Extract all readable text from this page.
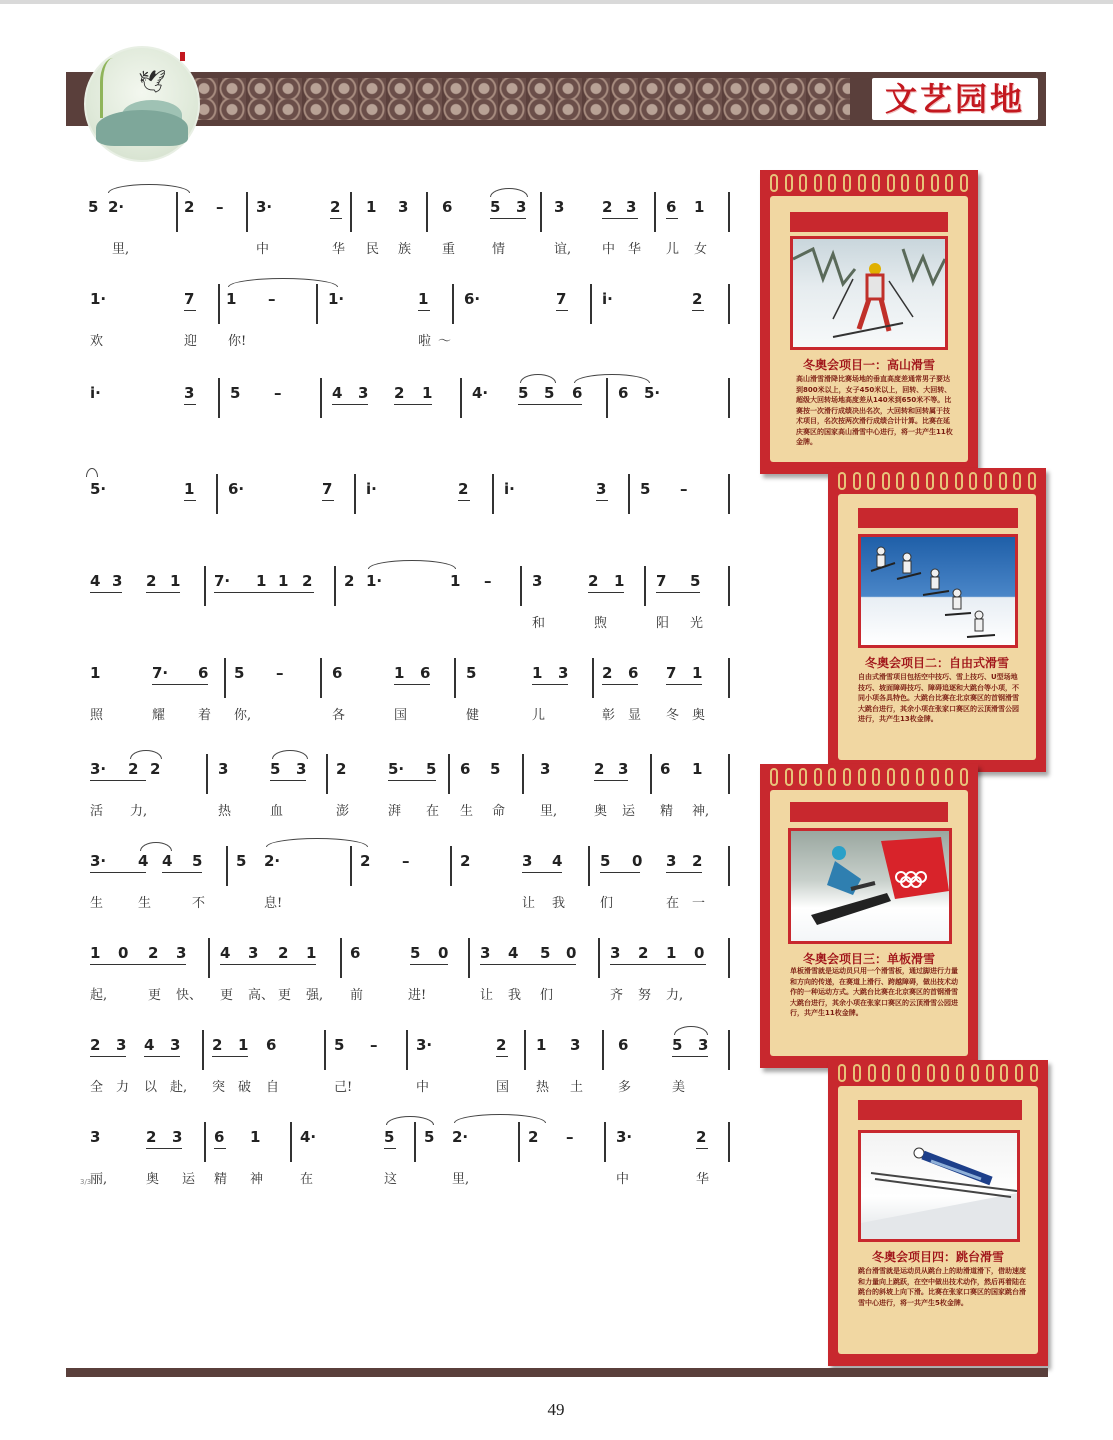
文艺园地
🕊
5 2·	2 – 3·	2 1 3 6	5 3 3	2 3 6 1
里,	中	华 民 族 重	情	谊, 中 华 儿 女
1·	7 1 –	1·	1 6·	7 i·	2
欢	迎 你!	啦 ～
i·	3 5 –	4 3 2 1	4· 5 5 6 6 5·
5·	1 6·	7 i·	2 i·	3 5 –
4 3 2 1 7· 1 1 2 2 1·	1 –	3	2 1 7 5
和	煦	阳 光
1	7· 6 5 –	6	1 6 5	1 3 2 6 7 1
照	耀	着 你,	各	国	健	儿	彰 显 冬 奥
3· 2 2	3	5 3 2	5· 5 6 5	3	2 3 6 1
活 力,	热	血	澎	湃 在 生 命	里,	奥 运 精 神,
3· 4 4 5 5 2·	2 –	2	3 4	5 0 3 2
生	生	不	息!	让 我	们	在 一
1 0 2 3 4 3 2 1 6	5 0 3 4 5 0 3 2 1 0
起,	更 快、 更 高、 更 强, 前	进!	让 我 们	齐 努 力,
2 3 4 3 2 1 6	5 –	3·	2 1 3	6	5 3
全 力 以 赴, 突 破 自	己!	中	国 热 土	多	美
3	2 3 6 1	4·	5 5 2·	2 –	3·	2
丽,	奥 运 精 神	在	这	里,	中	华
3/3
冬奥会项目一：高山滑雪
高山滑雪滑降比赛场地的垂直高度差通常男子要达到800米以上，女子450米以上，回转、大回转、超级大回转场地高度差从140米到650米不等。比赛按一次滑行成绩决出名次，大回转和回转属于技术项目，名次按两次滑行成绩合计计算。比赛在延庆赛区的国家高山滑雪中心进行，将一共产生11枚金牌。
冬奥会项目二：自由式滑雪
自由式滑雪项目包括空中技巧、雪上技巧、U型场地技巧、坡面障碍技巧、障碍追逐和大跳台等小项，不同小项各具特色。大跳台比赛在北京赛区的首钢滑雪大跳台进行，其余小项在张家口赛区的云顶滑雪公园进行，共产生13枚金牌。
冬奥会项目三：单板滑雪
单板滑雪就是运动员只用一个滑雪板，通过脚进行力量和方向的传递，在赛道上滑行、跨越障碍，做出技术动作的一种运动方式。大跳台比赛在北京赛区的首钢滑雪大跳台进行，其余小项在张家口赛区的云顶滑雪公园进行，共产生11枚金牌。
冬奥会项目四：跳台滑雪
跳台滑雪就是运动员从跳台上的助滑道滑下，借助速度和力量向上跳跃，在空中做出技术动作，然后再着陆在跳台的斜坡上向下滑。比赛在张家口赛区的国家跳台滑雪中心进行，将一共产生5枚金牌。
49
